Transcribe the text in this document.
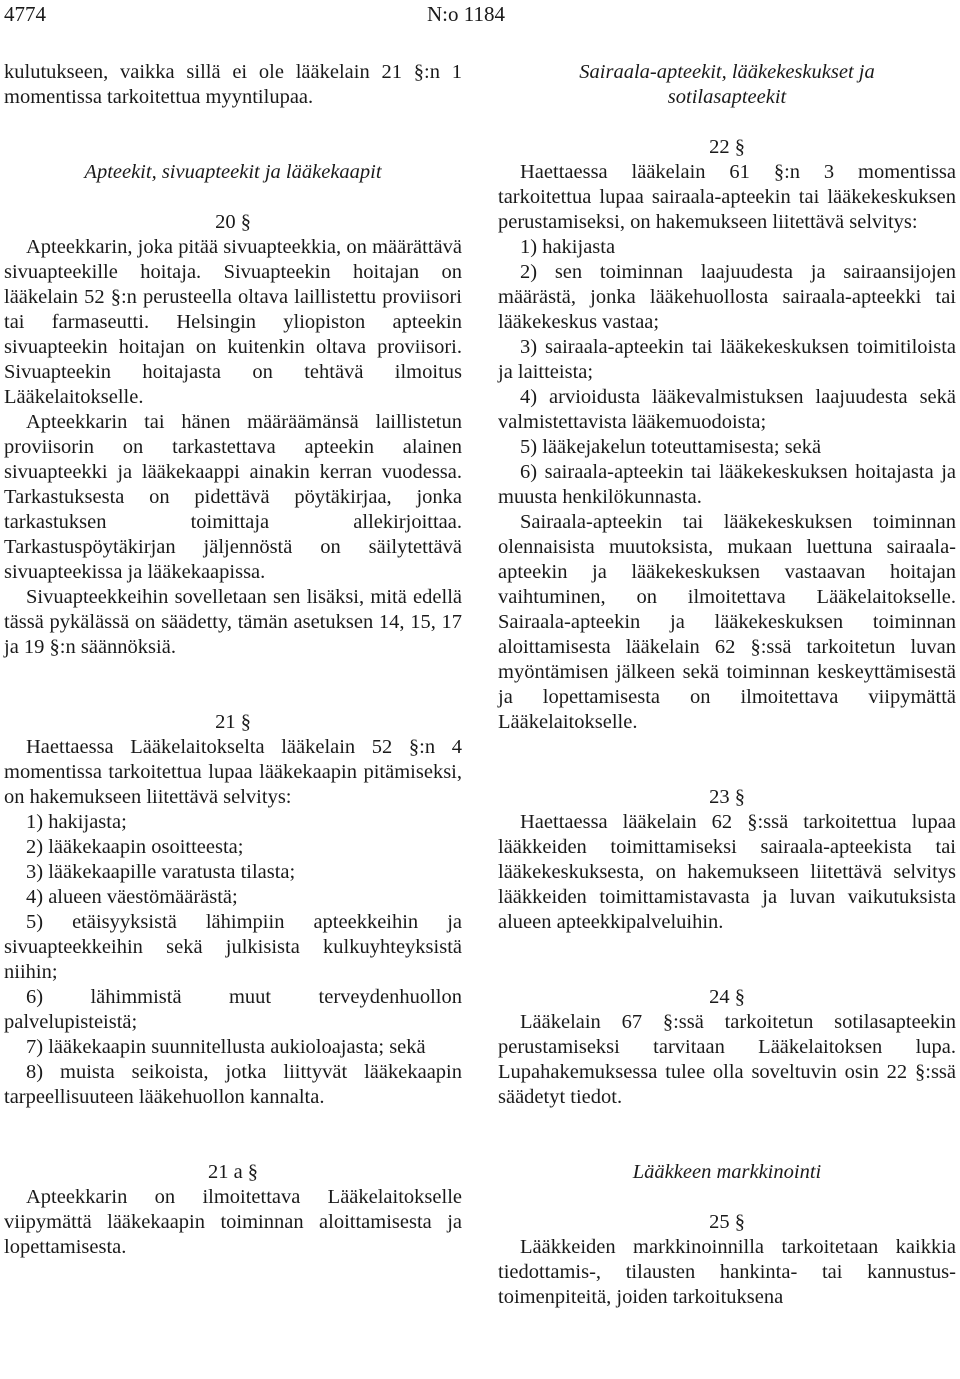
4774	N:o 1184

kulutukseen, vaikka sillä ei ole lääkelain 21 §:n 1 momentissa tarkoitettua myyntilupaa.

Apteekit, sivuapteekit ja lääkekaapit
20 §

Apteekkarin, joka pitää sivuapteekkia, on määrättävä sivuapteekille hoitaja. Sivuapteekin hoitajan on lääkelain 52 §:n perusteella oltava laillistettu proviisori tai farmaseutti. Helsingin yliopiston apteekin sivuapteekin hoitajan on kuitenkin oltava proviisori. Sivuapteekin hoitajasta on tehtävä ilmoitus Lääkelaitokselle.

Apteekkarin tai hänen määräämänsä laillistetun proviisorin on tarkastettava apteekin alainen sivuapteekki ja lääkekaappi ainakin kerran vuodessa. Tarkastuksesta on pidettävä pöytäkirjaa, jonka tarkastuksen toimittaja allekirjoittaa. Tarkastuspöytäkirjan jäljennöstä on säilytettävä sivuapteekissa ja lääkekaapissa.

Sivuapteekkeihin sovelletaan sen lisäksi, mitä edellä tässä pykälässä on säädetty, tämän asetuksen 14, 15, 17 ja 19 §:n säännöksiä.

21 §

Haettaessa Lääkelaitokselta lääkelain 52 §:n 4 momentissa tarkoitettua lupaa lääkekaapin pitämiseksi, on hakemukseen liitettävä selvitys:

1) hakijasta;

2) lääkekaapin osoitteesta;

3) lääkekaapille varatusta tilasta;

4) alueen väestömäärästä;

5) etäisyyksistä lähimpiin apteekkeihin ja sivuapteekkeihin sekä julkisista kulkuyhteyksistä niihin;

6) lähimmistä muut terveydenhuollon palvelupisteistä;

7) lääkekaapin suunnitellusta aukioloajasta; sekä

8) muista seikoista, jotka liittyvät lääkekaapin tarpeellisuuteen lääkehuollon kannalta.

21 a §

Apteekkarin on ilmoitettava Lääkelaitokselle viipymättä lääkekaapin toiminnan aloittamisesta ja lopettamisesta.

Sairaala-apteekit, lääkekeskukset ja sotilasapteekit
22 §

Haettaessa lääkelain 61 §:n 3 momentissa tarkoitettua lupaa sairaala-apteekin tai lääkekeskuksen perustamiseksi, on hakemukseen liitettävä selvitys:

1) hakijasta

2) sen toiminnan laajuudesta ja sairaansijojen määrästä, jonka lääkehuollosta sairaala-apteekki tai lääkekeskus vastaa;

3) sairaala-apteekin tai lääkekeskuksen toimitiloista ja laitteista;

4) arvioidusta lääkevalmistuksen laajuudesta sekä valmistettavista lääkemuodoista;

5) lääkejakelun toteuttamisesta; sekä

6) sairaala-apteekin tai lääkekeskuksen hoitajasta ja muusta henkilökunnasta.

Sairaala-apteekin tai lääkekeskuksen toiminnan olennaisista muutoksista, mukaan luettuna sairaala-apteekin ja lääkekeskuksen vastaavan hoitajan vaihtuminen, on ilmoitettava Lääkelaitokselle. Sairaala-apteekin ja lääkekeskuksen toiminnan aloittamisesta lääkelain 62 §:ssä tarkoitetun luvan myöntämisen jälkeen sekä toiminnan keskeyttämisestä ja lopettamisesta on ilmoitettava viipymättä Lääkelaitokselle.

23 §

Haettaessa lääkelain 62 §:ssä tarkoitettua lupaa lääkkeiden toimittamiseksi sairaala-apteekista tai lääkekeskuksesta, on hakemukseen liitettävä selvitys lääkkeiden toimittamistavasta ja luvan vaikutuksista alueen apteekkipalveluihin.

24 §

Lääkelain 67 §:ssä tarkoitetun sotilasapteekin perustamiseksi tarvitaan Lääkelaitoksen lupa. Lupahakemuksessa tulee olla soveltuvin osin 22 §:ssä säädetyt tiedot.

Lääkkeen markkinointi
25 §

Lääkkeiden markkinoinnilla tarkoitetaan kaikkia tiedottamis-, tilausten hankinta- tai kannustus-toimenpiteitä, joiden tarkoituksena
